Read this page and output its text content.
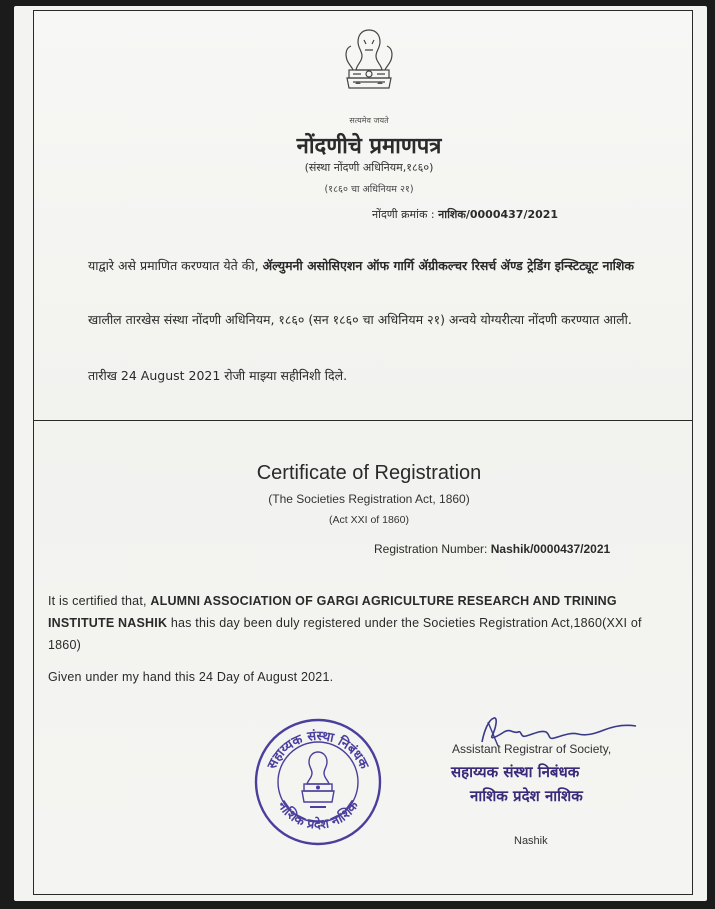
सत्यमेव जयते
नोंदणीचे प्रमाणपत्र
(संस्था नोंदणी अधिनियम,१८६०)
(१८६० चा अधिनियम २१)
नोंदणी क्रमांक : नाशिक/0000437/2021
याद्वारे असे प्रमाणित करण्यात येते की, ॲल्युमनी असोसिएशन ऑफ गार्गि ॲग्रीकल्चर रिसर्च ॲण्ड ट्रेडिंग इन्स्टिट्यूट नाशिक
खालील तारखेस संस्था नोंदणी अधिनियम, १८६० (सन १८६० चा अधिनियम २१) अन्वये योग्यरीत्या नोंदणी करण्यात आली.
तारीख 24 August 2021 रोजी माझ्या सहीनिशी दिले.
Certificate of Registration
(The Societies Registration Act, 1860)
(Act XXI of 1860)
Registration Number: Nashik/0000437/2021
It is certified that, ALUMNI ASSOCIATION OF GARGI AGRICULTURE RESEARCH AND TRINING INSTITUTE NASHIK has this day been duly registered under the Societies Registration Act,1860(XXI of 1860)
Given under my hand this 24 Day of August 2021.
सहाय्यक संस्था निबंधक
नाशिक प्रदेश नाशिक
Assistant Registrar of Society,
सहाय्यक संस्था निबंधक
नाशिक प्रदेश नाशिक
Nashik
